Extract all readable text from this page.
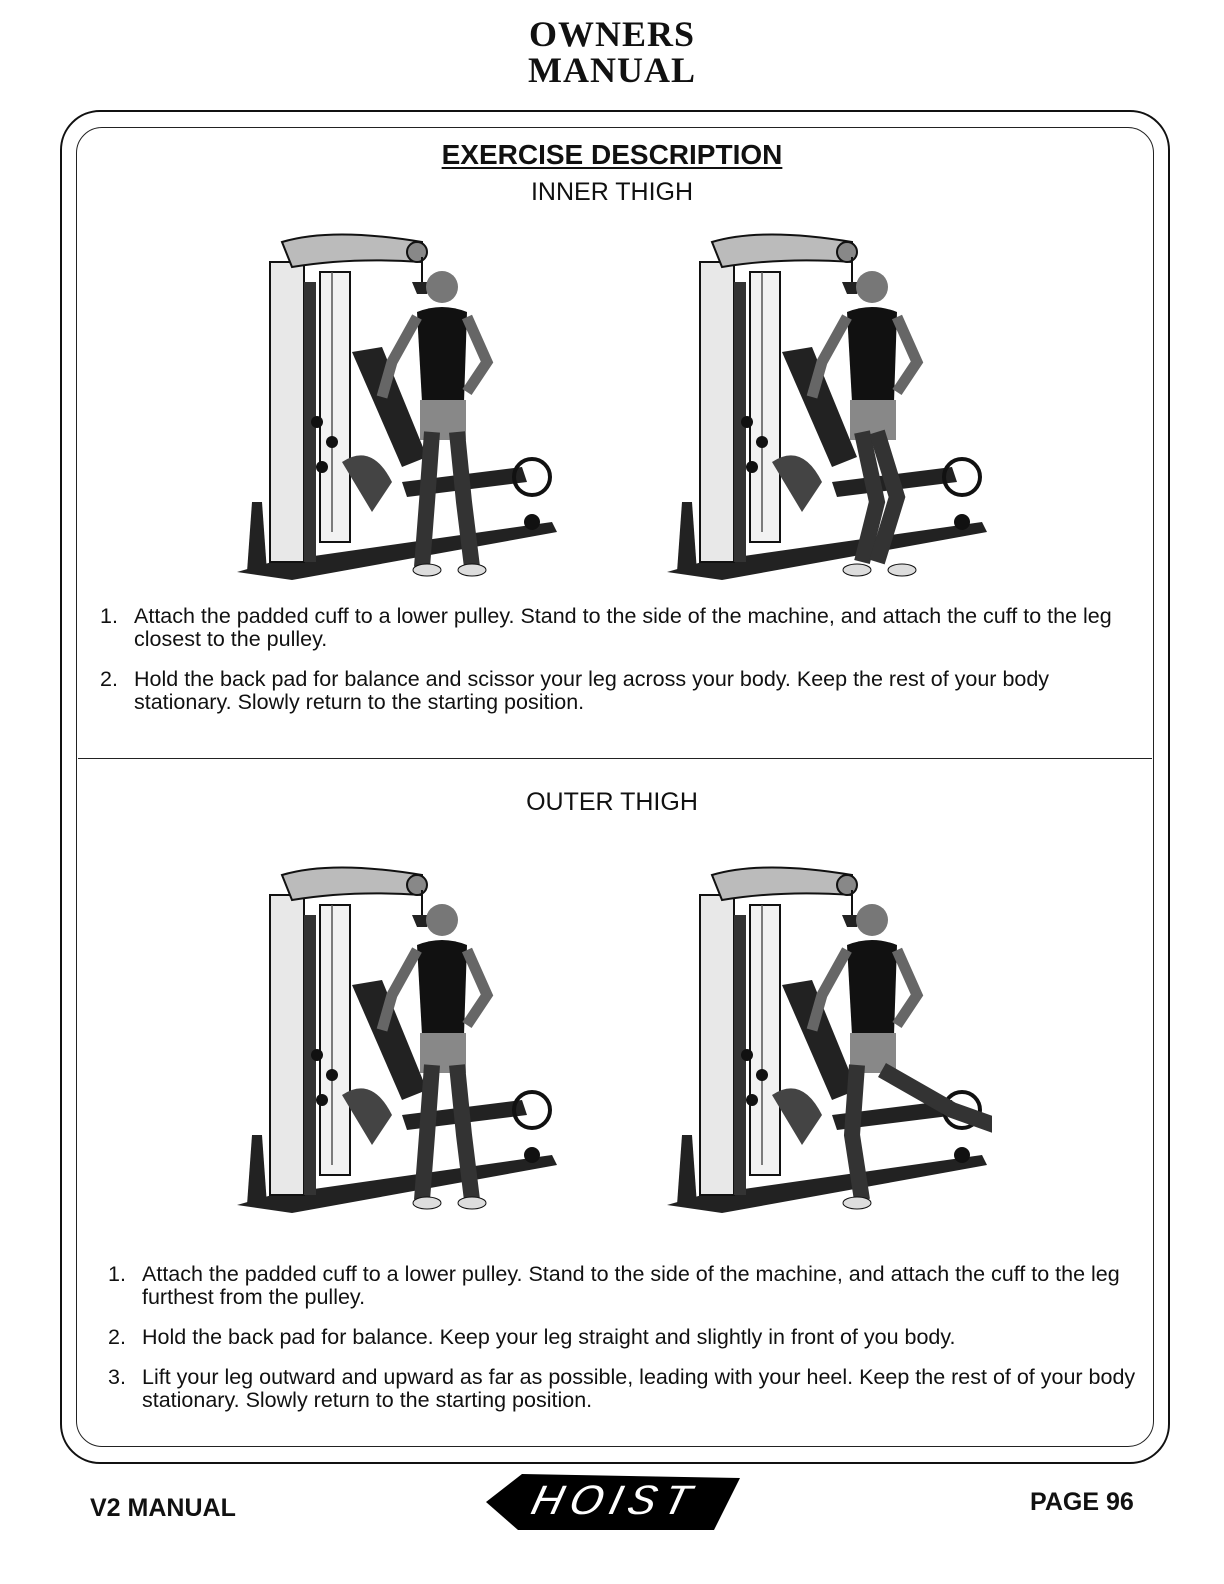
OWNERS
MANUAL
EXERCISE DESCRIPTION
INNER THIGH
OUTER THIGH
1. Attach the padded cuff to a lower pulley. Stand to the side of the machine, and attach the cuff to the leg closest to the pulley.
2. Hold the back pad for balance and scissor your leg across your body. Keep the rest of your body stationary. Slowly return to the starting position.
1. Attach the padded cuff to a lower pulley. Stand to the side of the machine, and attach the cuff to the leg furthest from the pulley.
2. Hold the back pad for balance. Keep your leg straight and slightly in front of you body.
3. Lift your leg outward and upward as far as possible, leading with your heel. Keep the rest of of your body stationary. Slowly return to the starting position.
V2 MANUAL	HOIST	PAGE 96
